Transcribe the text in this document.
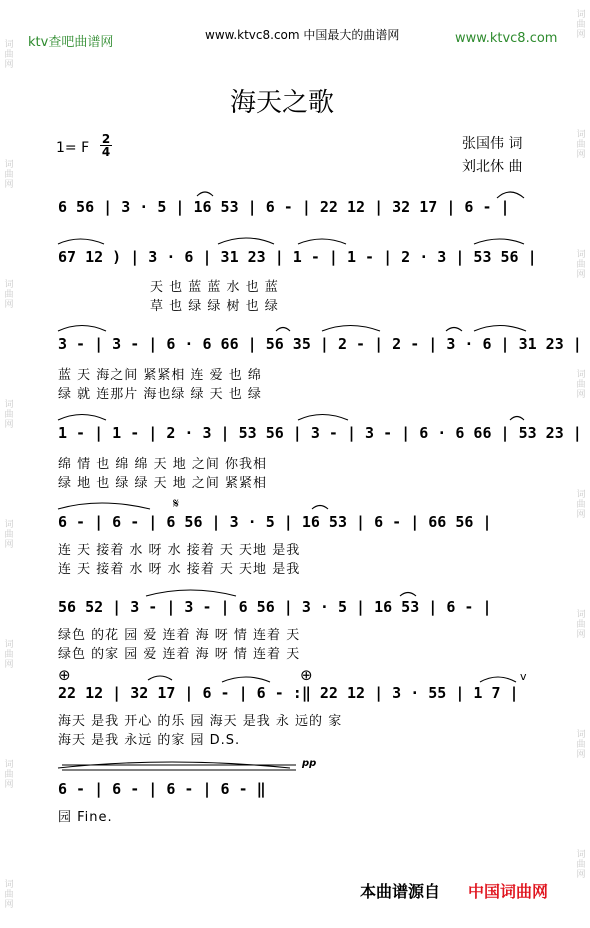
词曲网
词曲网
词曲网
词曲网
词曲网
词曲网
词曲网
词曲网
词曲网
词曲网
词曲网
词曲网
词曲网
词曲网
词曲网
词曲网
ktv查吧曲谱网	www.ktvc8.com 中国最大的曲谱网	www.ktvc8.com
海天之歌
1= F
2
4	张国伟 词
刘北休 曲
6 56 | 3 · 5 | 16 53 | 6 - | 22 12 | 32 17 | 6 - |
67 12 ) | 3 · 6 | 31 23 | 1 - | 1 - | 2 · 3 | 53 56 |
天 也 蓝 蓝 水 也 蓝
草 也 绿 绿 树 也 绿
3 - | 3 - | 6 · 6 66 | 56 35 | 2 - | 2 - | 3 · 6 | 31 23 |
蓝 天 海之间 紧紧相 连 爱 也 绵
绿 就 连那片 海也绿 绿 天 也 绿
1 - | 1 - | 2 · 3 | 53 56 | 3 - | 3 - | 6 · 6 66 | 53 23 |
绵 情 也 绵 绵 天 地 之间 你我相
绿 地 也 绿 绿 天 地 之间 紧紧相
6 - | 6 - | 6 56 | 3 · 5 | 16 53 | 6 - | 66 56 |
连 天 接着 水 呀 水 接着 天 天地 是我
连 天 接着 水 呀 水 接着 天 天地 是我
56 52 | 3 - | 3 - | 6 56 | 3 · 5 | 16 53 | 6 - |
绿色 的花 园 爱 连着 海 呀 情 连着 天
绿色 的家 园 爱 连着 海 呀 情 连着 天
22 12 | 32 17 | 6 - | 6 - :‖ 22 12 | 3 · 55 | 1 7 |
海天 是我 开心 的乐 园 海天 是我 永 远的 家
海天 是我 永远 的家 园 D.S.
6 - | 6 - | 6 - | 6 - ‖
园 Fine.
𝄋
⊕	⊕
pp
v
本曲谱源自 中国词曲网
